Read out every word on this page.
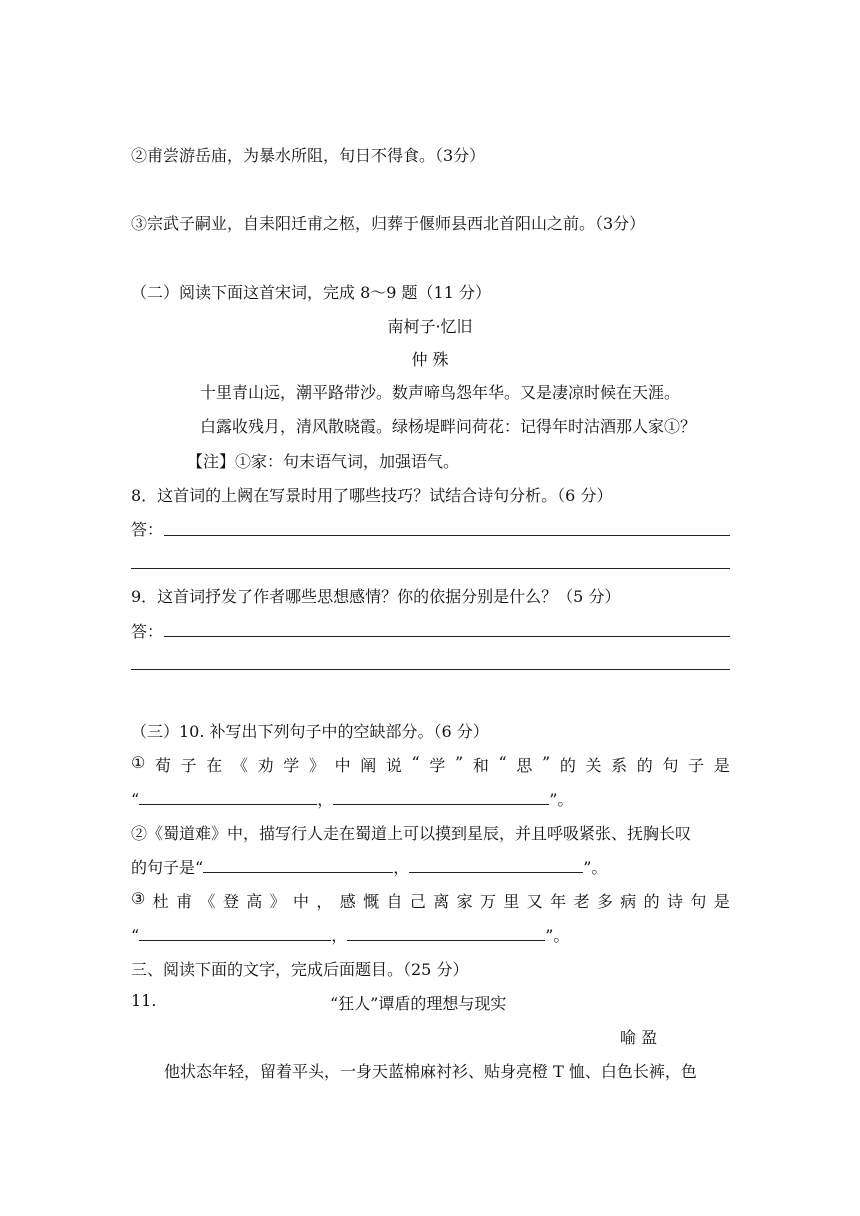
②甫尝游岳庙，为暴水所阻，旬日不得食。（3分）
③宗武子嗣业，自耒阳迁甫之柩，归葬于偃师县西北首阳山之前。（3分）
（二）阅读下面这首宋词，完成 8～9 题（11 分）
南柯子·忆旧
仲 殊
十里青山远，潮平路带沙。数声啼鸟怨年华。又是凄凉时候在天涯。
白露收残月，清风散晓霞。绿杨堤畔问荷花：记得年时沽酒那人家①？
【注】①家：句末语气词，加强语气。
8．这首词的上阙在写景时用了哪些技巧？试结合诗句分析。（6 分）
答：
9．这首词抒发了作者哪些思想感情？你的依据分别是什么？（5 分）
答：
（三）10. 补写出下列句子中的空缺部分。（6 分）
① 荀 子 在 《 劝 学 》 中 阐 说 “ 学 ” 和 “ 思 ” 的 关 系 的 句 子 是
“	，	”。
②《蜀道难》中，描写行人走在蜀道上可以摸到星辰，并且呼吸紧张、抚胸长叹
的句子是“	，	”。
③ 杜 甫 《 登 高 》 中 ， 感 慨 自 己 离 家 万 里 又 年 老 多 病 的 诗 句 是
“	，	”。
三、阅读下面的文字，完成后面题目。（25 分）
11.	“狂人”谭盾的理想与现实
喻 盈
他状态年轻，留着平头，一身天蓝棉麻衬衫、贴身亮橙 T 恤、白色长裤，色
